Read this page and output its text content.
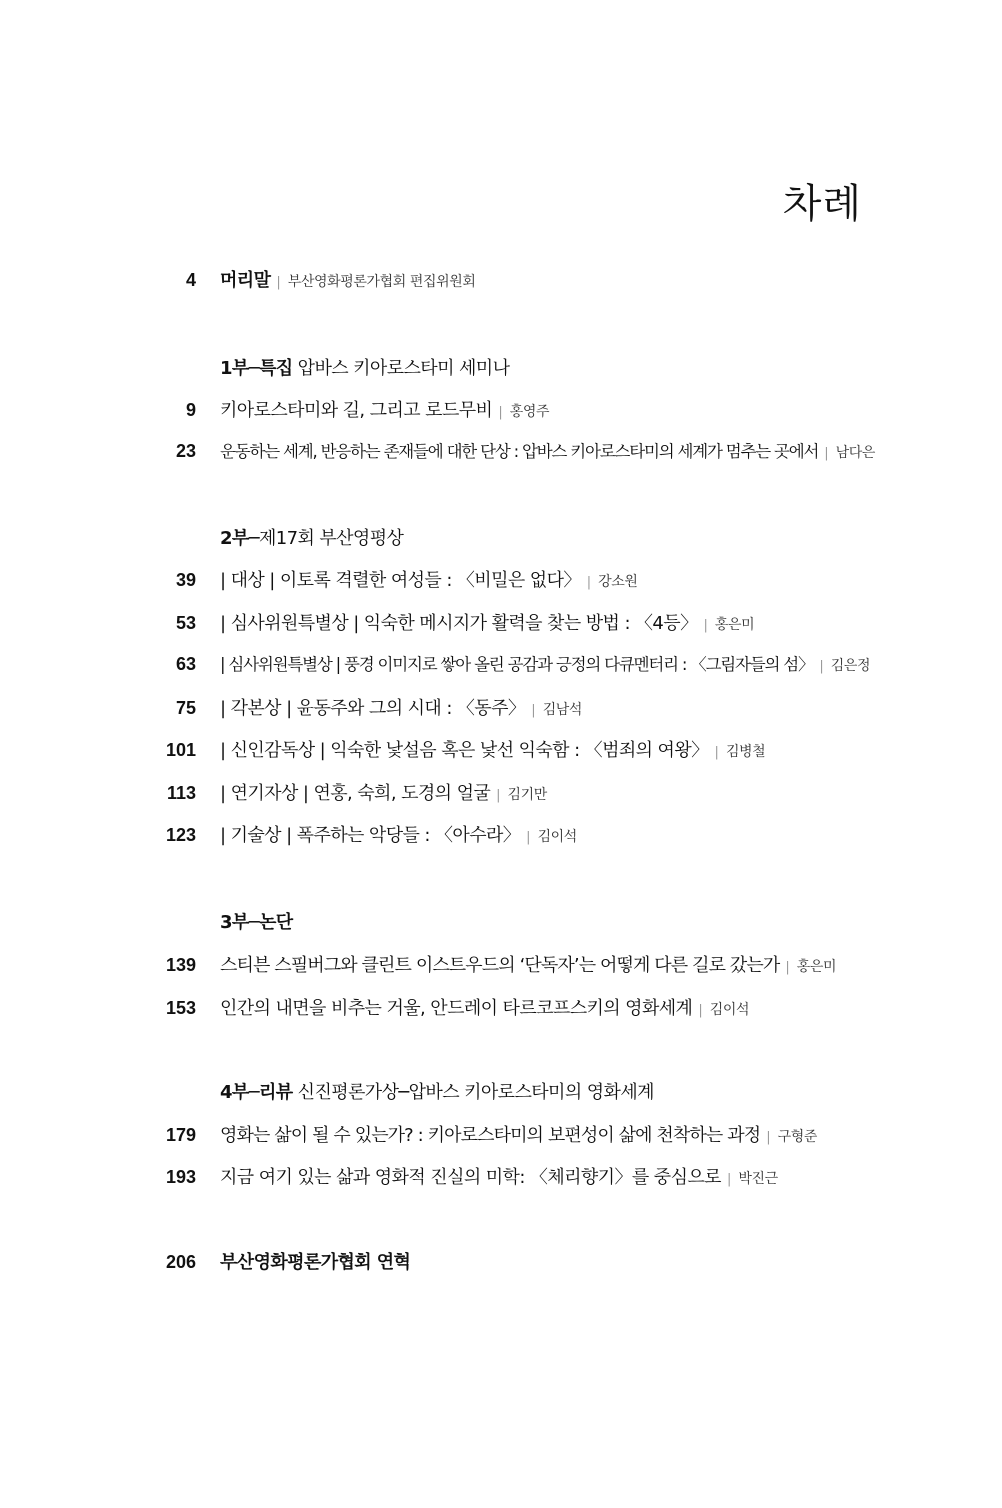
차례
4 머리말 | 부산영화평론가협회 편집위원회
1부─특집 압바스 키아로스타미 세미나
9 키아로스타미와 길, 그리고 로드무비 | 홍영주
23 운동하는 세계, 반응하는 존재들에 대한 단상 : 압바스 키아로스타미의 세계가 멈추는 곳에서 | 남다은
2부─제17회 부산영평상
39 | 대상 | 이토록 격렬한 여성들 : 〈비밀은 없다〉 | 강소원
53 | 심사위원특별상 | 익숙한 메시지가 활력을 찾는 방법 : 〈4등〉 | 홍은미
63 | 심사위원특별상 | 풍경 이미지로 쌓아 올린 공감과 긍정의 다큐멘터리 : 〈그림자들의 섬〉 | 김은정
75 | 각본상 | 윤동주와 그의 시대 : 〈동주〉 | 김남석
101 | 신인감독상 | 익숙한 낯설음 혹은 낯선 익숙함 : 〈범죄의 여왕〉 | 김병철
113 | 연기자상 | 연홍, 숙희, 도경의 얼굴 | 김기만
123 | 기술상 | 폭주하는 악당들 : 〈아수라〉 | 김이석
3부─논단
139 스티븐 스필버그와 클린트 이스트우드의 ‘단독자’는 어떻게 다른 길로 갔는가 | 홍은미
153 인간의 내면을 비추는 거울, 안드레이 타르코프스키의 영화세계 | 김이석
4부─리뷰 신진평론가상─압바스 키아로스타미의 영화세계
179 영화는 삶이 될 수 있는가? : 키아로스타미의 보편성이 삶에 천착하는 과정 | 구형준
193 지금 여기 있는 삶과 영화적 진실의 미학: 〈체리향기〉를 중심으로 | 박진근
206 부산영화평론가협회 연혁
